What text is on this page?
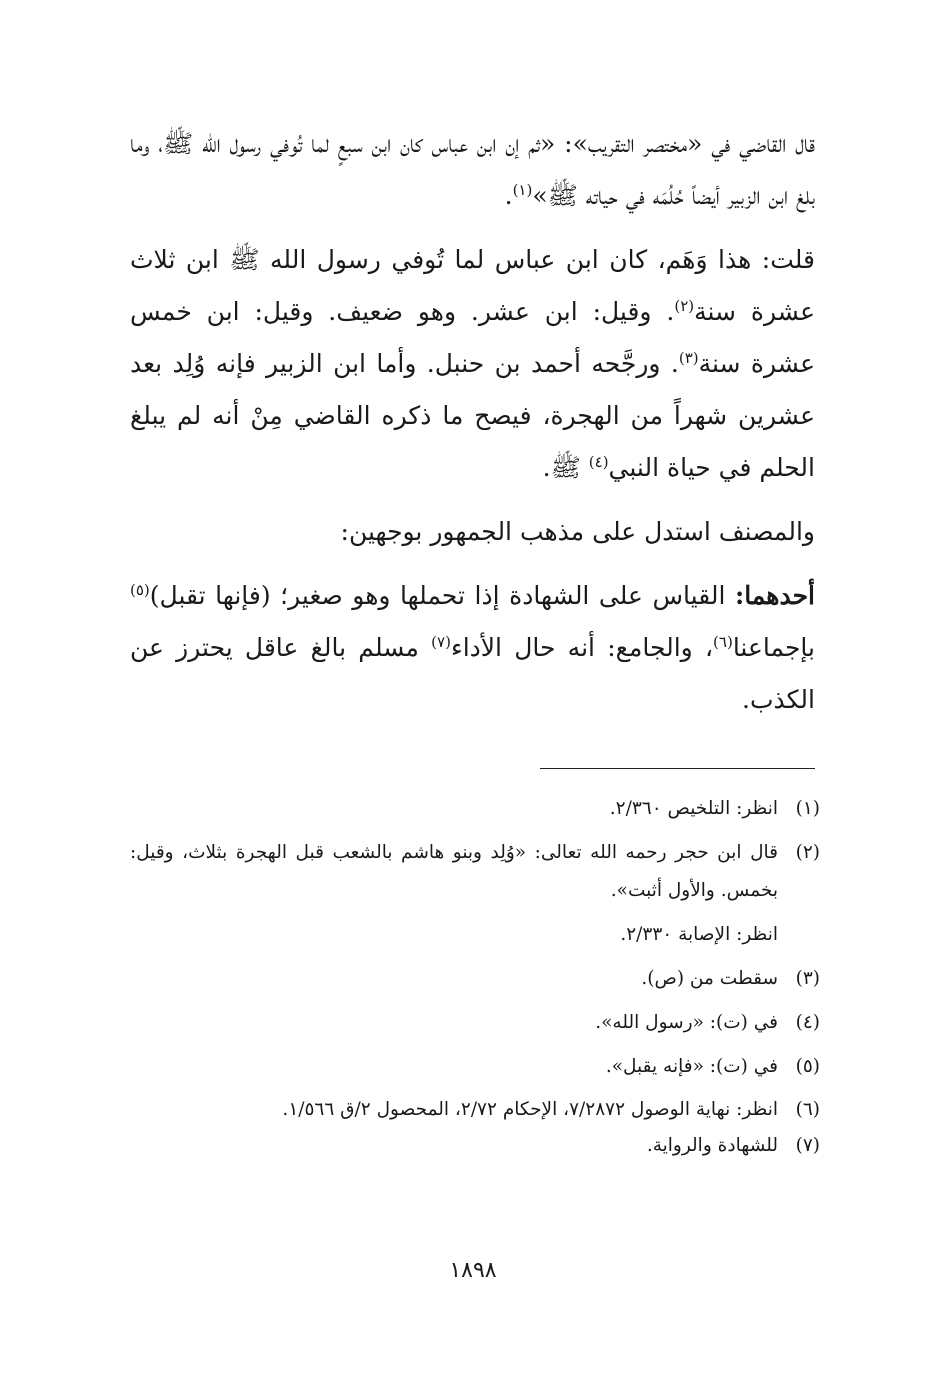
قال القاضي في «مختصر التقريب»: «ثم إن ابن عباس كان ابن سبعٍ لما تُوفي رسول الله ﷺ، وما بلغ ابن الزبير أيضاً حُلُمَه في حياته ﷺ»$^{(١)}$.

قلت: هذا وَهَم، كان ابن عباس لما تُوفي رسول الله ﷺ ابن ثلاث عشرة سنة$^{(٢)}$. وقيل: ابن عشر. وهو ضعيف. وقيل: ابن خمس عشرة سنة$^{(٣)}$. ورجَّحه أحمد بن حنبل. وأما ابن الزبير فإنه وُلِد بعد عشرين شهراً من الهجرة، فيصح ما ذكره القاضي مِنْ أنه لم يبلغ الحلم في حياة النبي$^{(٤)}$ ﷺ.

والمصنف استدل على مذهب الجمهور بوجهين:

أحدهما: القياس على الشهادة إذا تحملها وهو صغير؛ (فإنها تقبل)$^{(٥)}$ بإجماعنا$^{(٦)}$، والجامع: أنه حال الأداء$^{(٧)}$ مسلم بالغ عاقل يحترز عن الكذب.

(١)
انظر: التلخيص ٢/٣٦٠.
(٢)
قال ابن حجر رحمه الله تعالى: «وُلِد وبنو هاشم بالشعب قبل الهجرة بثلاث، وقيل: بخمس. والأول أثبت».
انظر: الإصابة ٢/٣٣٠.
(٣)
سقطت من (ص).
(٤)
في (ت): «رسول الله».
(٥)
في (ت): «فإنه يقبل».
(٦)
انظر: نهاية الوصول ٧/٢٨٧٢، الإحكام ٢/٧٢، المحصول ٢/ق ١/٥٦٦.
(٧)
للشهادة والرواية.
١٨٩٨
